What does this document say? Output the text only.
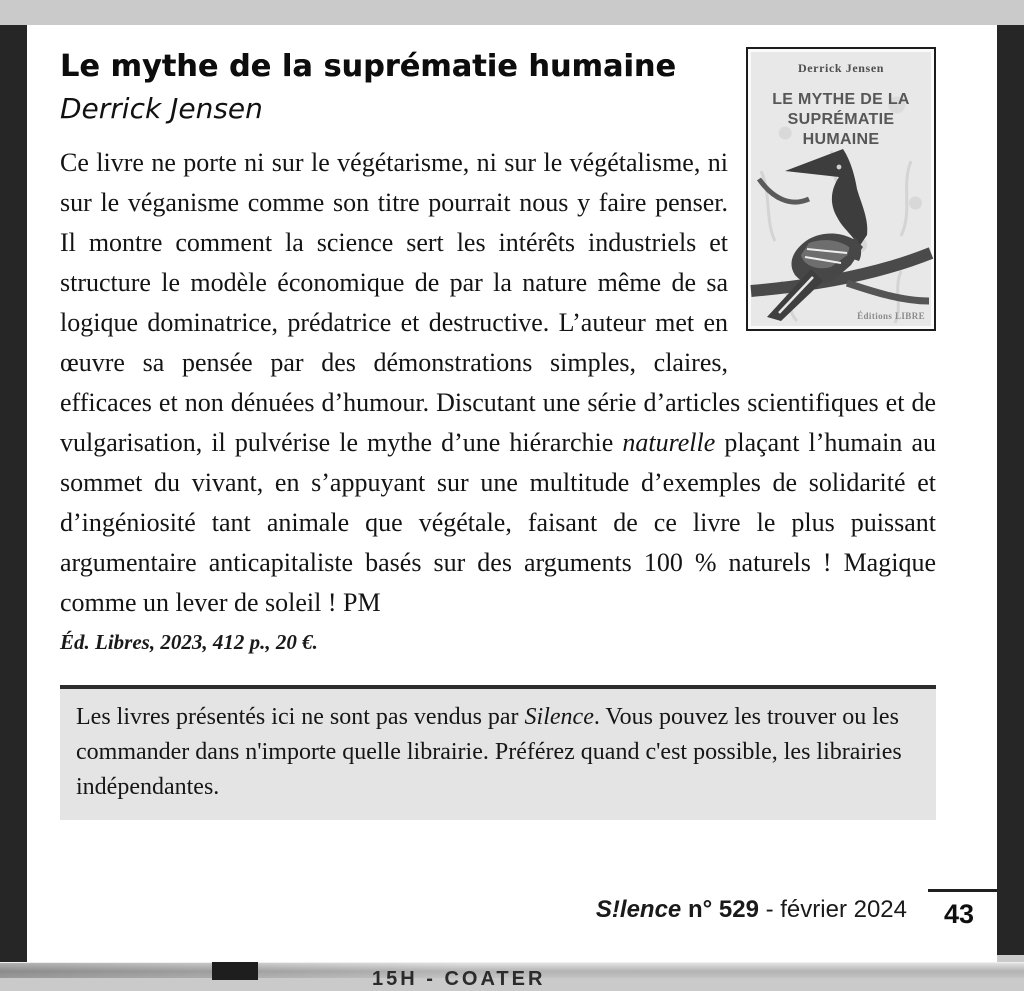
Derrick Jensen
LE MYTHE DE LA
SUPRÉMATIE HUMAINE
Éditions LIBRE
Le mythe de la suprématie humaine
Derrick Jensen

Ce livre ne porte ni sur le végétarisme, ni sur le végétalisme, ni sur le véganisme comme son titre pourrait nous y faire penser. Il montre comment la science sert les intérêts industriels et structure le modèle économique de par la nature même de sa logique dominatrice, prédatrice et destructive. L’auteur met en œuvre sa pensée par des démonstrations simples, claires, efficaces et non dénuées d’humour. Discutant une série d’articles scientifiques et de vulgarisation, il pulvérise le mythe d’une hiérarchie naturelle plaçant l’humain au sommet du vivant, en s’appuyant sur une multitude d’exemples de solidarité et d’ingéniosité tant animale que végétale, faisant de ce livre le plus puissant argumentaire anticapitaliste basés sur des arguments 100 % naturels ! Magique comme un lever de soleil ! PM

Éd. Libres, 2023, 412 p., 20 €.

Les livres présentés ici ne sont pas vendus par Silence. Vous pouvez les trouver ou les commander dans n'importe quelle librairie. Préférez quand c'est possible, les librairies indépendantes.
S!lence n° 529 - février 2024	43
15H - COATER
